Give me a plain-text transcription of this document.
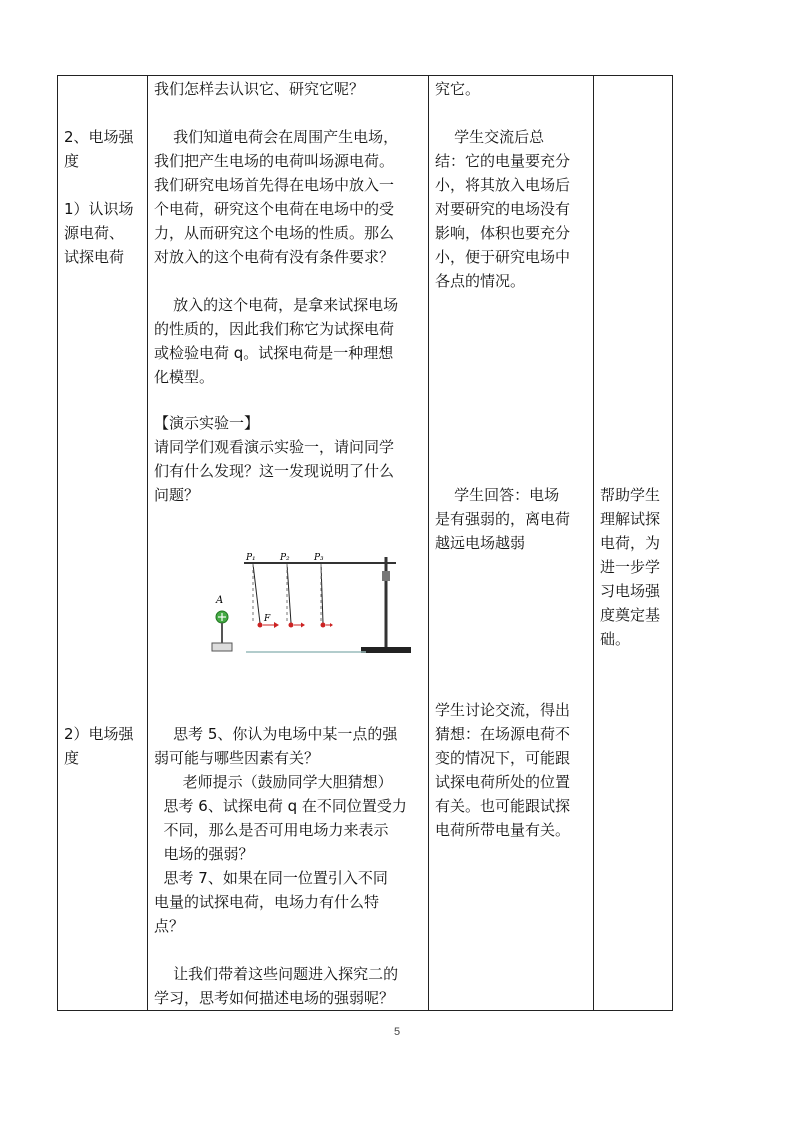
2、电场强
度
1）认识场
源电荷、
试探电荷
2）电场强
度
我们怎样去认识它、研究它呢？
我们知道电荷会在周围产生电场，
我们把产生电场的电荷叫场源电荷。
我们研究电场首先得在电场中放入一
个电荷，研究这个电荷在电场中的受
力，从而研究这个电场的性质。那么
对放入的这个电荷有没有条件要求？
放入的这个电荷，是拿来试探电场
的性质的，因此我们称它为试探电荷
或检验电荷 q。试探电荷是一种理想
化模型。
【演示实验一】
请同学们观看演示实验一，请问同学
们有什么发现？这一发现说明了什么
问题？
A
P₁	P₂	P₃
F
思考 5、你认为电场中某一点的强
弱可能与哪些因素有关？
老师提示（鼓励同学大胆猜想）
思考 6、试探电荷 q 在不同位置受力
不同，那么是否可用电场力来表示
电场的强弱？
思考 7、如果在同一位置引入不同
电量的试探电荷，电场力有什么特
点？
让我们带着这些问题进入探究二的
学习，思考如何描述电场的强弱呢？
究它。
学生交流后总
结：它的电量要充分
小，将其放入电场后
对要研究的电场没有
影响，体积也要充分
小，便于研究电场中
各点的情况。
学生回答：电场
是有强弱的，离电荷
越远电场越弱
学生讨论交流，得出
猜想：在场源电荷不
变的情况下，可能跟
试探电荷所处的位置
有关。也可能跟试探
电荷所带电量有关。
帮助学生
理解试探
电荷，为
进一步学
习电场强
度奠定基
础。
5
